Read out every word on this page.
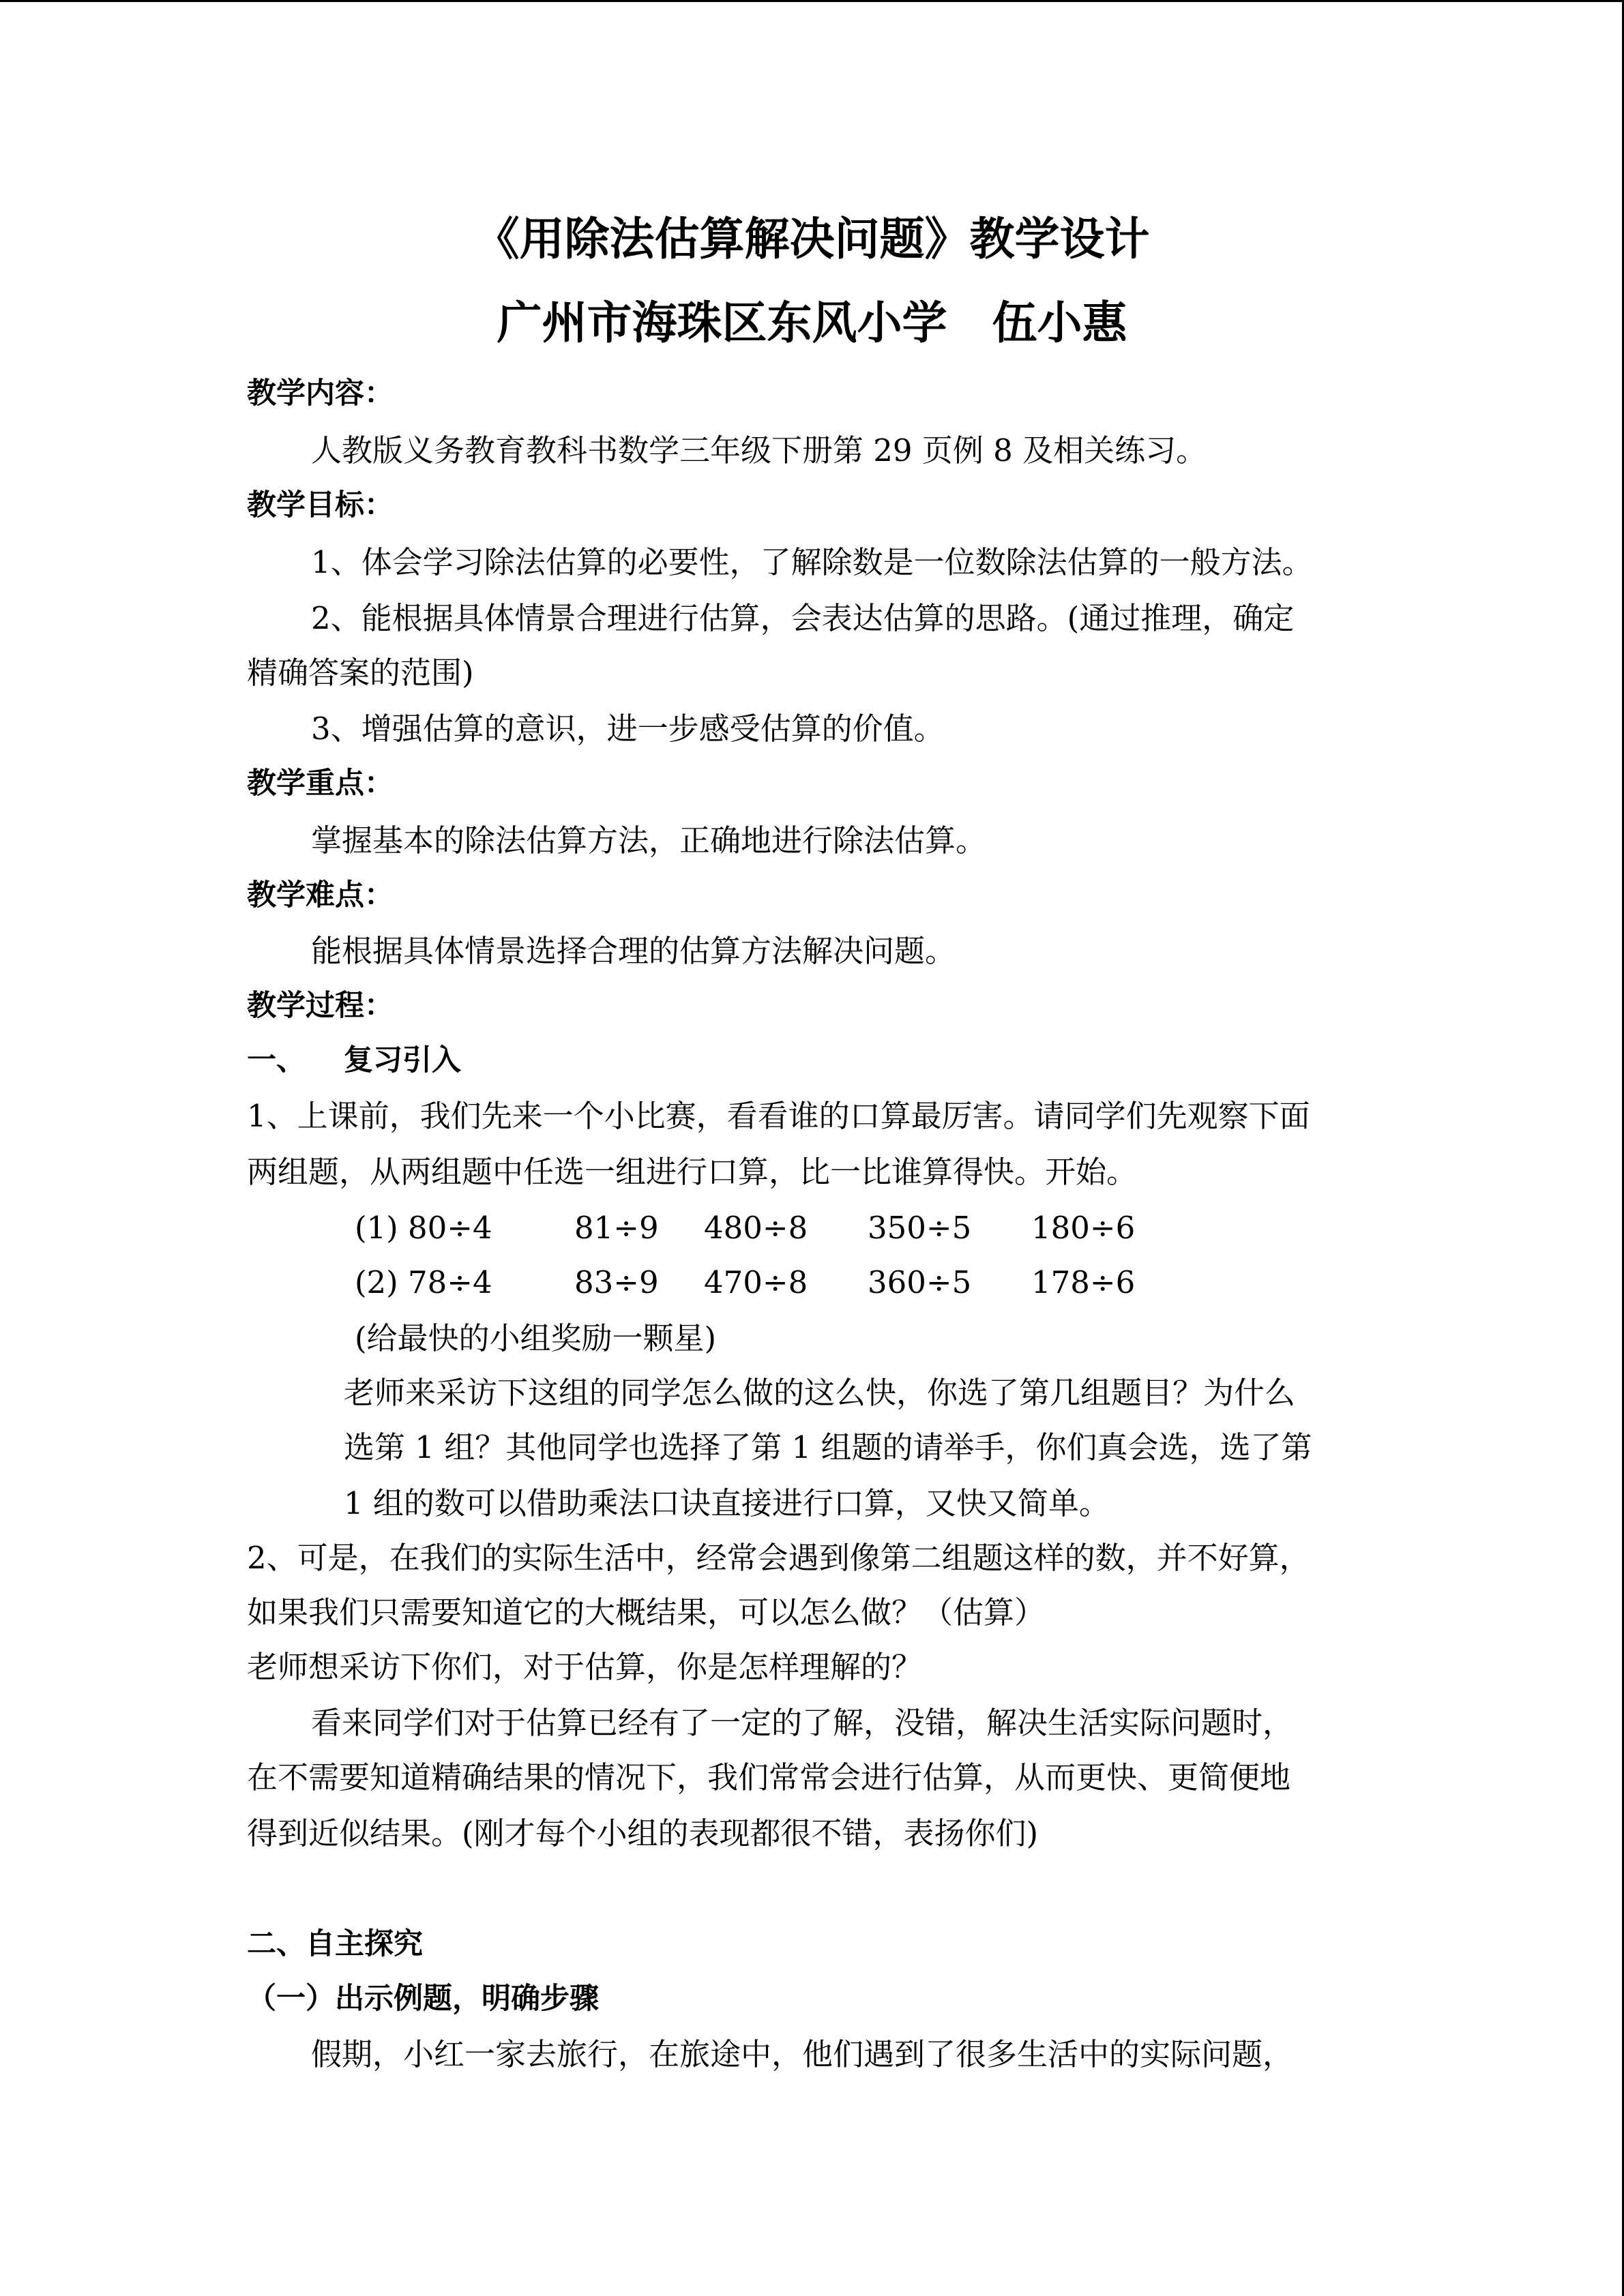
《用除法估算解决问题》教学设计
广州市海珠区东风小学　伍小惠
教学内容：
人教版义务教育教科书数学三年级下册第 29 页例 8 及相关练习。
教学目标：
1、体会学习除法估算的必要性，了解除数是一位数除法估算的一般方法。
2、能根据具体情景合理进行估算，会表达估算的思路。(通过推理，确定
精确答案的范围)
3、增强估算的意识，进一步感受估算的价值。
教学重点：
掌握基本的除法估算方法，正确地进行除法估算。
教学难点：
能根据具体情景选择合理的估算方法解决问题。
教学过程：
一、 复习引入
1、上课前，我们先来一个小比赛，看看谁的口算最厉害。请同学们先观察下面
两组题，从两组题中任选一组进行口算，比一比谁算得快。开始。
(1) 80÷4	81÷9 480÷8 350÷5 180÷6
(2) 78÷4	83÷9 470÷8 360÷5 178÷6
(给最快的小组奖励一颗星)
老师来采访下这组的同学怎么做的这么快，你选了第几组题目？为什么
选第 1 组？其他同学也选择了第 1 组题的请举手，你们真会选，选了第
1 组的数可以借助乘法口诀直接进行口算，又快又简单。
2、可是，在我们的实际生活中，经常会遇到像第二组题这样的数，并不好算，
如果我们只需要知道它的大概结果，可以怎么做？（估算）
老师想采访下你们，对于估算，你是怎样理解的？
看来同学们对于估算已经有了一定的了解，没错，解决生活实际问题时，
在不需要知道精确结果的情况下，我们常常会进行估算，从而更快、更简便地
得到近似结果。(刚才每个小组的表现都很不错，表扬你们)
二、自主探究
（一）出示例题，明确步骤
假期，小红一家去旅行，在旅途中，他们遇到了很多生活中的实际问题，
